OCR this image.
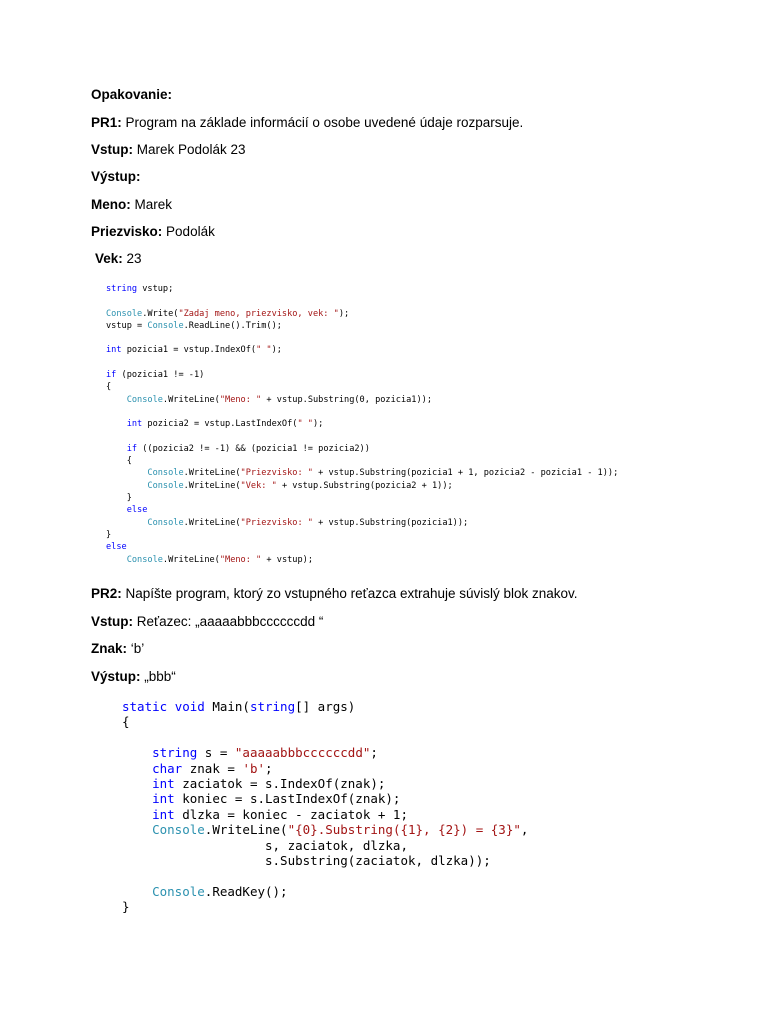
Opakovanie:
PR1: Program na základe informácií o osobe uvedené údaje rozparsuje.
Vstup: Marek Podolák 23
Výstup:
Meno: Marek
Priezvisko: Podolák
Vek: 23
string vstup;

Console.Write("Zadaj meno, priezvisko, vek: ");
vstup = Console.ReadLine().Trim();

int pozicia1 = vstup.IndexOf(" ");

if (pozicia1 != -1)
{
Console.WriteLine("Meno: " + vstup.Substring(0, pozicia1));

int pozicia2 = vstup.LastIndexOf(" ");

if ((pozicia2 != -1) && (pozicia1 != pozicia2))
{
Console.WriteLine("Priezvisko: " + vstup.Substring(pozicia1 + 1, pozicia2 - pozicia1 - 1));
Console.WriteLine("Vek: " + vstup.Substring(pozicia2 + 1));
}
else
Console.WriteLine("Priezvisko: " + vstup.Substring(pozicia1));
}
else
Console.WriteLine("Meno: " + vstup);
PR2: Napíšte program, ktorý zo vstupného reťazca extrahuje súvislý blok znakov.
Vstup: Reťazec: „aaaaabbbccccccdd “
Znak: ‘b’
Výstup: „bbb“
static void Main(string[] args)
{

string s = "aaaaabbbccccccdd";
char znak = 'b';
int zaciatok = s.IndexOf(znak);
int koniec = s.LastIndexOf(znak);
int dlzka = koniec - zaciatok + 1;
Console.WriteLine("{0}.Substring({1}, {2}) = {3}",
s, zaciatok, dlzka,
s.Substring(zaciatok, dlzka));

Console.ReadKey();
}
